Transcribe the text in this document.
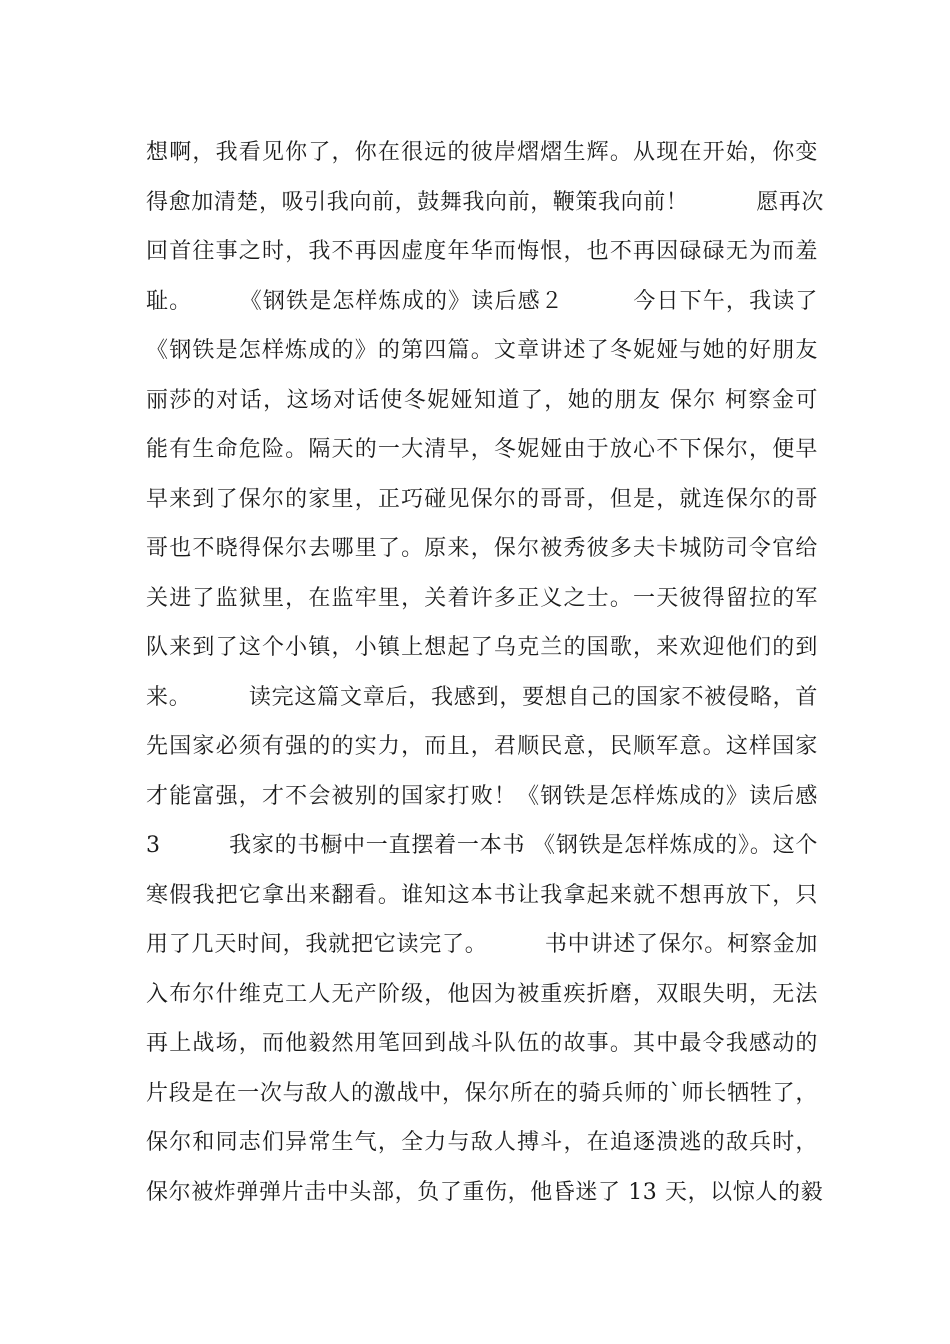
想啊，我看见你了，你在很远的彼岸熠熠生辉。从现在开始，你变
得愈加清楚，吸引我向前，鼓舞我向前，鞭策我向前！　　　愿再次
回首往事之时，我不再因虚度年华而悔恨，也不再因碌碌无为而羞
耻。　　　《钢铁是怎样炼成的》读后感２　　　今日下午，我读了
《钢铁是怎样炼成的》的第四篇。文章讲述了冬妮娅与她的好朋友
丽莎的对话，这场对话使冬妮娅知道了，她的朋友 保尔 柯察金可
能有生命危险。隔天的一大清早，冬妮娅由于放心不下保尔，便早
早来到了保尔的家里，正巧碰见保尔的哥哥，但是，就连保尔的哥
哥也不晓得保尔去哪里了。原来，保尔被秀彼多夫卡城防司令官给
关进了监狱里，在监牢里，关着许多正义之士。一天彼得留拉的军
队来到了这个小镇，小镇上想起了乌克兰的国歌，来欢迎他们的到
来。　　　读完这篇文章后，我感到，要想自己的国家不被侵略，首
先国家必须有强的的实力，而且，君顺民意，民顺军意。这样国家
才能富强，才不会被别的国家打败！《钢铁是怎样炼成的》读后感
3　　　我家的书橱中一直摆着一本书 《钢铁是怎样炼成的》。这个
寒假我把它拿出来翻看。谁知这本书让我拿起来就不想再放下，只
用了几天时间，我就把它读完了。　　　书中讲述了保尔。柯察金加
入布尔什维克工人无产阶级，他因为被重疾折磨，双眼失明，无法
再上战场，而他毅然用笔回到战斗队伍的故事。其中最令我感动的
片段是在一次与敌人的激战中，保尔所在的骑兵师的`师长牺牲了，
保尔和同志们异常生气，全力与敌人搏斗，在追逐溃逃的敌兵时，
保尔被炸弹弹片击中头部，负了重伤，他昏迷了 13 天，以惊人的毅
